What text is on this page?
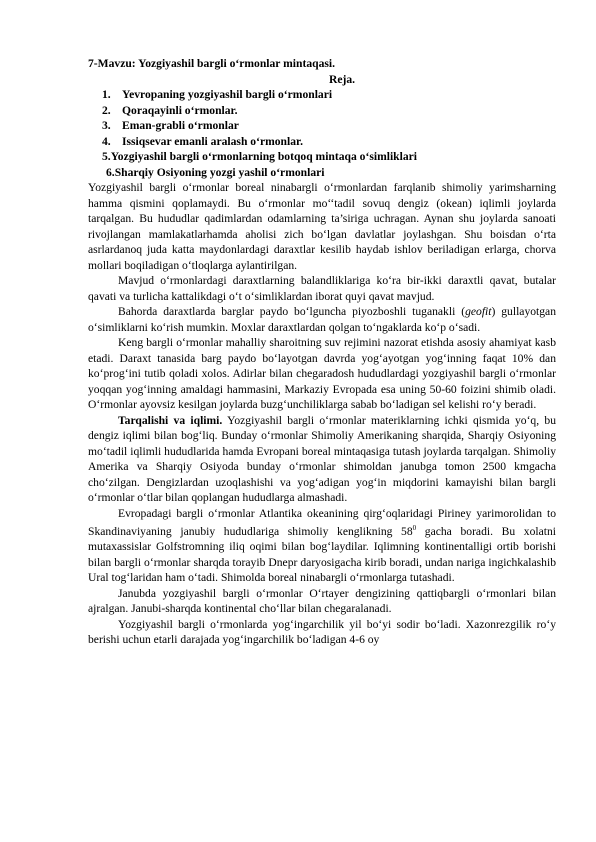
7-Mavzu: Yozgiyashil bargli o‘rmonlar mintaqasi.

Reja.

1. Yevropaning yozgiyashil bargli o‘rmonlari
2. Qoraqayinli o‘rmonlar.
3. Eman-grabli o‘rmonlar
4. Issiqsevar emanli aralash o‘rmonlar.
5.Yozgiyashil bargli o‘rmonlarning botqoq mintaqa o‘simliklari
6.Sharqiy Osiyoning yozgi yashil o‘rmonlari

Yozgiyashil bargli o‘rmonlar boreal ninabargli o‘rmonlardan farqlanib shimoliy yarimsharning hamma qismini qoplamaydi. Bu o‘rmonlar mo‘‘tadil sovuq dengiz (okean) iqlimli joylarda tarqalgan. Bu hududlar qadimlardan odamlarning ta’siriga uchragan. Aynan shu joylarda sanoati rivojlangan mamlakatlarhamda aholisi zich bo‘lgan davlatlar joylashgan. Shu boisdan o‘rta asrlardanoq juda katta maydonlardagi daraxtlar kesilib haydab ishlov beriladigan erlarga, chorva mollari boqiladigan o‘tloqlarga aylantirilgan.

Mavjud o‘rmonlardagi daraxtlarning balandliklariga ko‘ra bir-ikki daraxtli qavat, butalar qavati va turlicha kattalikdagi o‘t o‘simliklardan iborat quyi qavat mavjud.

Bahorda daraxtlarda barglar paydo bo‘lguncha piyozboshli tuganakli (geofit) gullayotgan o‘simliklarni ko‘rish mumkin. Moxlar daraxtlardan qolgan to‘ngaklarda ko‘p o‘sadi.

Keng bargli o‘rmonlar mahalliy sharoitning suv rejimini nazorat etishda asosiy ahamiyat kasb etadi. Daraxt tanasida barg paydo bo‘layotgan davrda yog‘ayotgan yog‘inning faqat 10% dan ko‘prog‘ini tutib qoladi xolos. Adirlar bilan chegaradosh hududlardagi yozgiyashil bargli o‘rmonlar yoqqan yog‘inning amaldagi hammasini, Markaziy Evropada esa uning 50-60 foizini shimib oladi. O‘rmonlar ayovsiz kesilgan joylarda buzg‘unchiliklarga sabab bo‘ladigan sel kelishi ro‘y beradi.

Tarqalishi va iqlimi. Yozgiyashil bargli o‘rmonlar materiklarning ichki qismida yo‘q, bu dengiz iqlimi bilan bog‘liq. Bunday o‘rmonlar Shimoliy Amerikaning sharqida, Sharqiy Osiyoning mo‘tadil iqlimli hududlarida hamda Evropani boreal mintaqasiga tutash joylarda tarqalgan. Shimoliy Amerika va Sharqiy Osiyoda bunday o‘rmonlar shimoldan janubga tomon 2500 kmgacha cho‘zilgan. Dengizlardan uzoqlashishi va yog‘adigan yog‘in miqdorini kamayishi bilan bargli o‘rmonlar o‘tlar bilan qoplangan hududlarga almashadi.

Evropadagi bargli o‘rmonlar Atlantika okeanining qirg‘oqlaridagi Piriney yarimorolidan to Skandinaviyaning janubiy hududlariga shimoliy kenglikning $58^0$ gacha boradi. Bu xolatni mutaxassislar Golfstromning iliq oqimi bilan bog‘laydilar. Iqlimning kontinentalligi ortib borishi bilan bargli o‘rmonlar sharqda torayib Dnepr daryosigacha kirib boradi, undan nariga ingichkalashib Ural tog‘laridan ham o‘tadi. Shimolda boreal ninabargli o‘rmonlarga tutashadi.

Janubda yozgiyashil bargli o‘rmonlar O‘rtayer dengizining qattiqbargli o‘rmonlari bilan ajralgan. Janubi-sharqda kontinental cho‘llar bilan chegaralanadi.

Yozgiyashil bargli o‘rmonlarda yog‘ingarchilik yil bo‘yi sodir bo‘ladi. Xazonrezgilik ro‘y berishi uchun etarli darajada yog‘ingarchilik bo‘ladigan 4-6 oy
